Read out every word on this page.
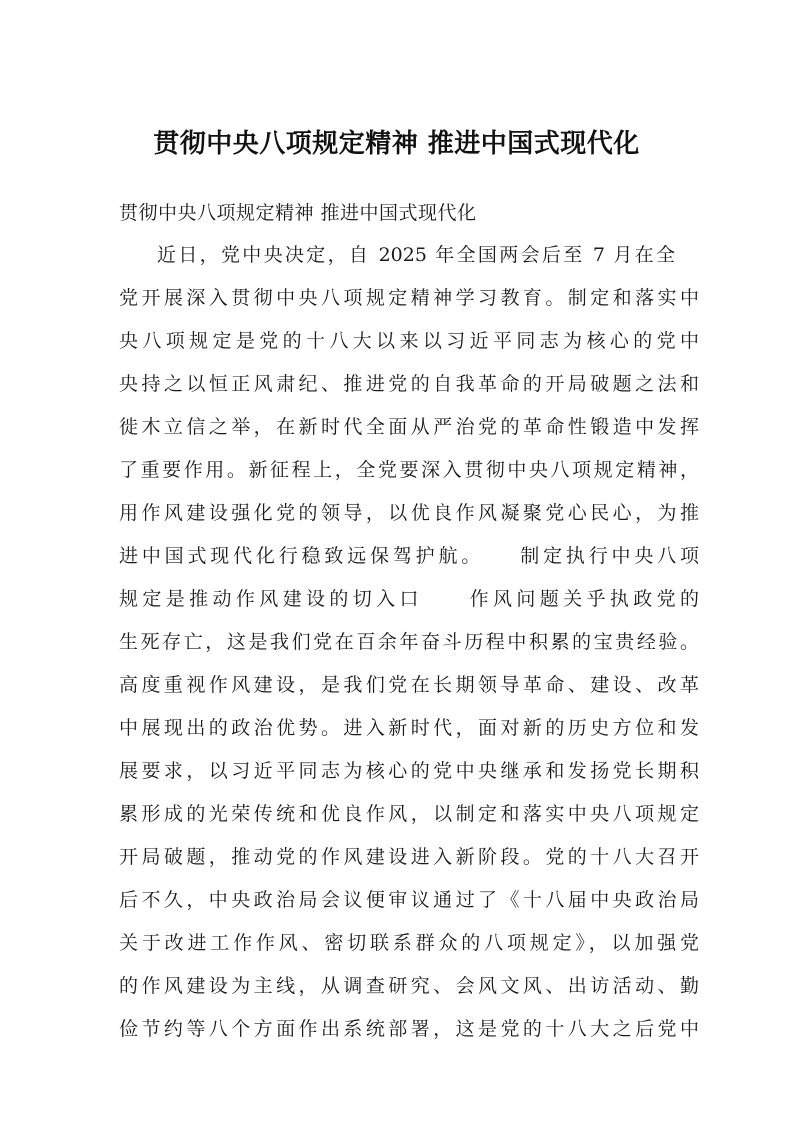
贯彻中央八项规定精神 推进中国式现代化
贯彻中央八项规定精神 推进中国式现代化
近日，党中央决定，自 2025 年全国两会后至 7 月在全
党开展深入贯彻中央八项规定精神学习教育。制定和落实中
央八项规定是党的十八大以来以习近平同志为核心的党中
央持之以恒正风肃纪、推进党的自我革命的开局破题之法和
徙木立信之举，在新时代全面从严治党的革命性锻造中发挥
了重要作用。新征程上，全党要深入贯彻中央八项规定精神，
用作风建设强化党的领导，以优良作风凝聚党心民心，为推
进中国式现代化行稳致远保驾护航。　　制定执行中央八项
规定是推动作风建设的切入口　　作风问题关乎执政党的
生死存亡，这是我们党在百余年奋斗历程中积累的宝贵经验。
高度重视作风建设，是我们党在长期领导革命、建设、改革
中展现出的政治优势。进入新时代，面对新的历史方位和发
展要求，以习近平同志为核心的党中央继承和发扬党长期积
累形成的光荣传统和优良作风，以制定和落实中央八项规定
开局破题，推动党的作风建设进入新阶段。党的十八大召开
后不久，中央政治局会议便审议通过了《十八届中央政治局
关于改进工作作风、密切联系群众的八项规定》，以加强党
的作风建设为主线，从调查研究、会风文风、出访活动、勤
俭节约等八个方面作出系统部署，这是党的十八大之后党中
